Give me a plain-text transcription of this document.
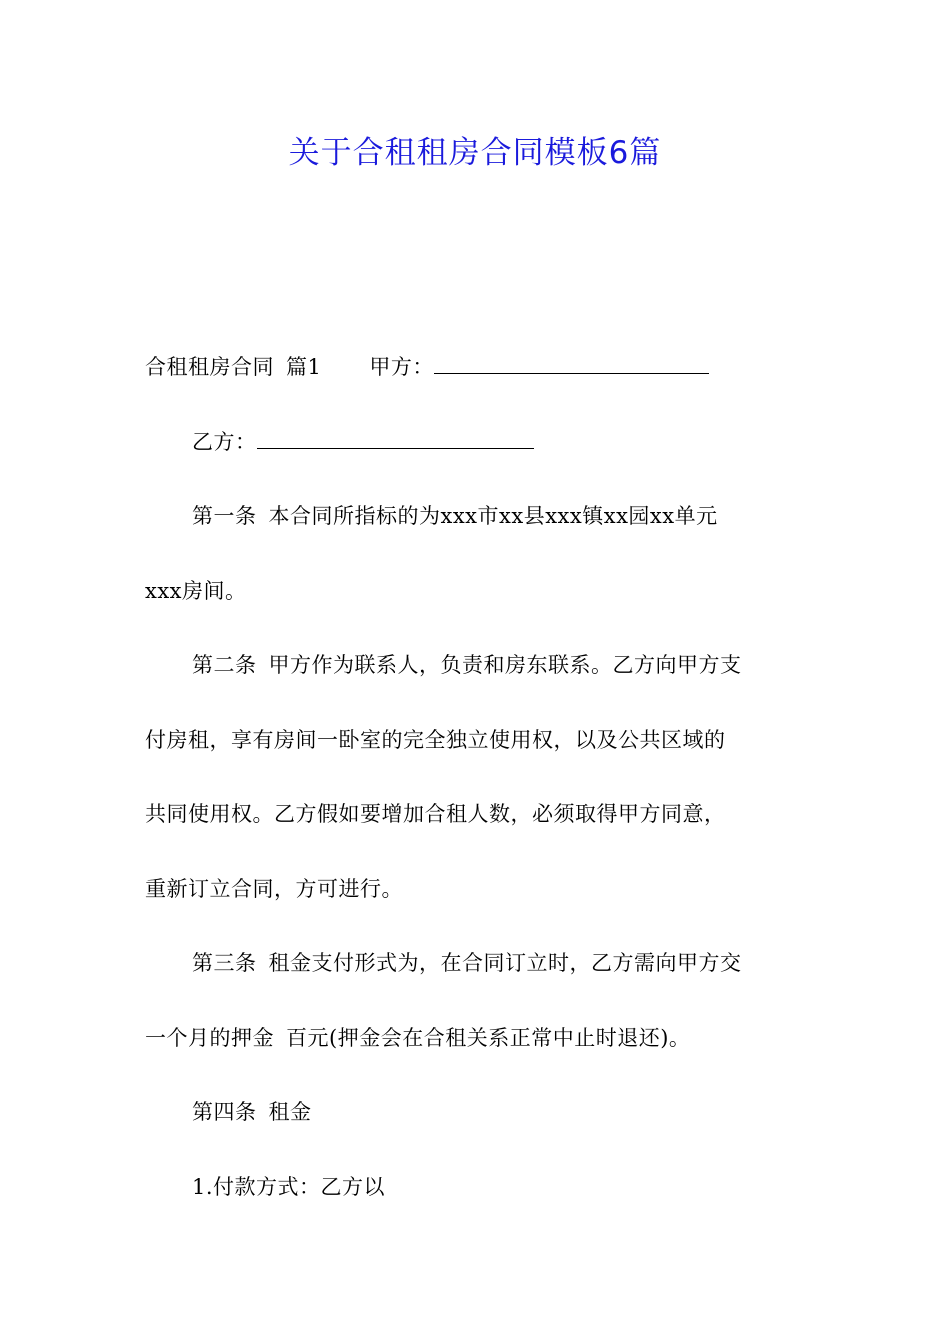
关于合租租房合同模板6篇
合租租房合同 篇1 甲方：
乙方：
第一条 本合同所指标的为xxx市xx县xxx镇xx园xx单元
xxx房间。
第二条 甲方作为联系人，负责和房东联系。乙方向甲方支
付房租，享有房间一卧室的完全独立使用权，以及公共区域的
共同使用权。乙方假如要增加合租人数，必须取得甲方同意，
重新订立合同，方可进行。
第三条 租金支付形式为，在合同订立时，乙方需向甲方交
一个月的押金 百元(押金会在合租关系正常中止时退还)。
第四条 租金
1.付款方式：乙方以
